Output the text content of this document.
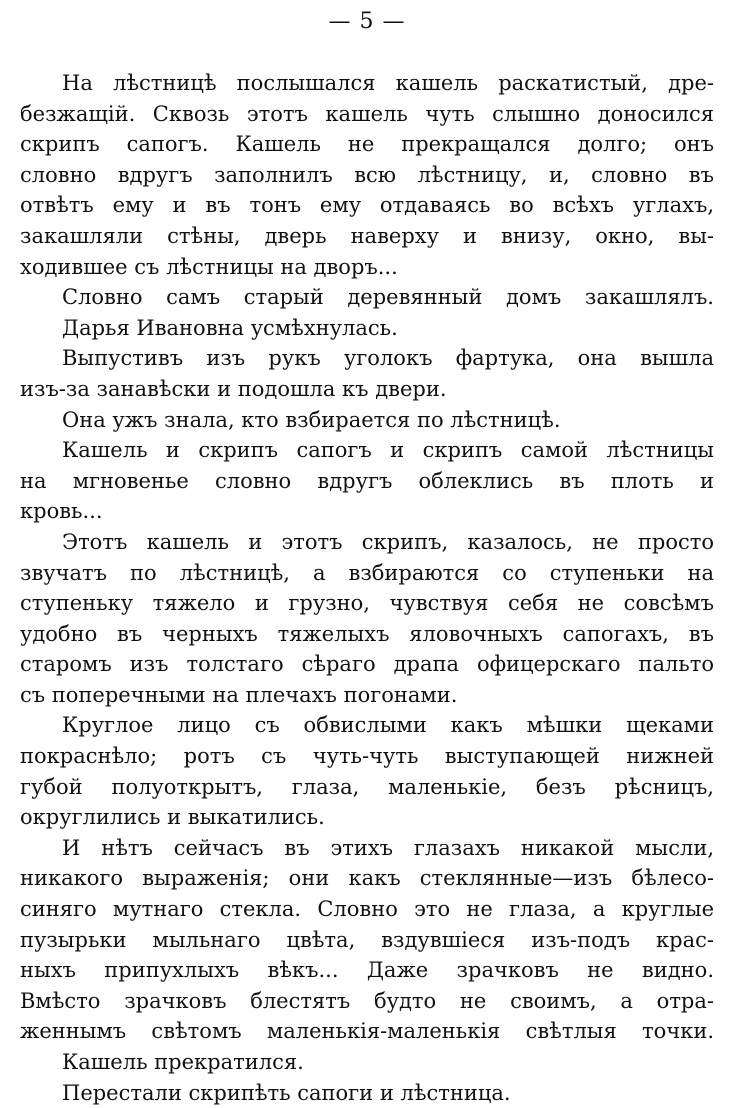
— 5 —
На лѣстницѣ послышался кашель раскатистый, дре-
безжащій. Сквозь этотъ кашель чуть слышно доносился
скрипъ сапогъ. Кашель не прекращался долго; онъ
словно вдругъ заполнилъ всю лѣстницу, и, словно въ
отвѣтъ ему и въ тонъ ему отдаваясь во всѣхъ углахъ,
закашляли стѣны, дверь наверху и внизу, окно, вы-
ходившее съ лѣстницы на дворъ...
Словно самъ старый деревянный домъ закашлялъ.
Дарья Ивановна усмѣхнулась.
Выпустивъ изъ рукъ уголокъ фартука, она вышла
изъ-за занавѣски и подошла къ двери.
Она ужъ знала, кто взбирается по лѣстницѣ.
Кашель и скрипъ сапогъ и скрипъ самой лѣстницы
на мгновенье словно вдругъ облеклись въ плоть и
кровь...
Этотъ кашель и этотъ скрипъ, казалось, не просто
звучатъ по лѣстницѣ, а взбираются со ступеньки на
ступеньку тяжело и грузно, чувствуя себя не совсѣмъ
удобно въ черныхъ тяжелыхъ яловочныхъ сапогахъ, въ
старомъ изъ толстаго сѣраго драпа офицерскаго пальто
съ поперечными на плечахъ погонами.
Круглое лицо съ обвислыми какъ мѣшки щеками
покраснѣло; ротъ съ чуть-чуть выступающей нижней
губой полуоткрытъ, глаза, маленькіе, безъ рѣсницъ,
округлились и выкатились.
И нѣтъ сейчасъ въ этихъ глазахъ никакой мысли,
никакого выраженія; они какъ стеклянные—изъ бѣлесо-
синяго мутнаго стекла. Словно это не глаза, а круглые
пузырьки мыльнаго цвѣта, вздувшіеся изъ-подъ крас-
ныхъ припухлыхъ вѣкъ... Даже зрачковъ не видно.
Вмѣсто зрачковъ блестятъ будто не своимъ, а отра-
женнымъ свѣтомъ маленькія-маленькія свѣтлыя точки.
Кашель прекратился.
Перестали скрипѣть сапоги и лѣстница.
